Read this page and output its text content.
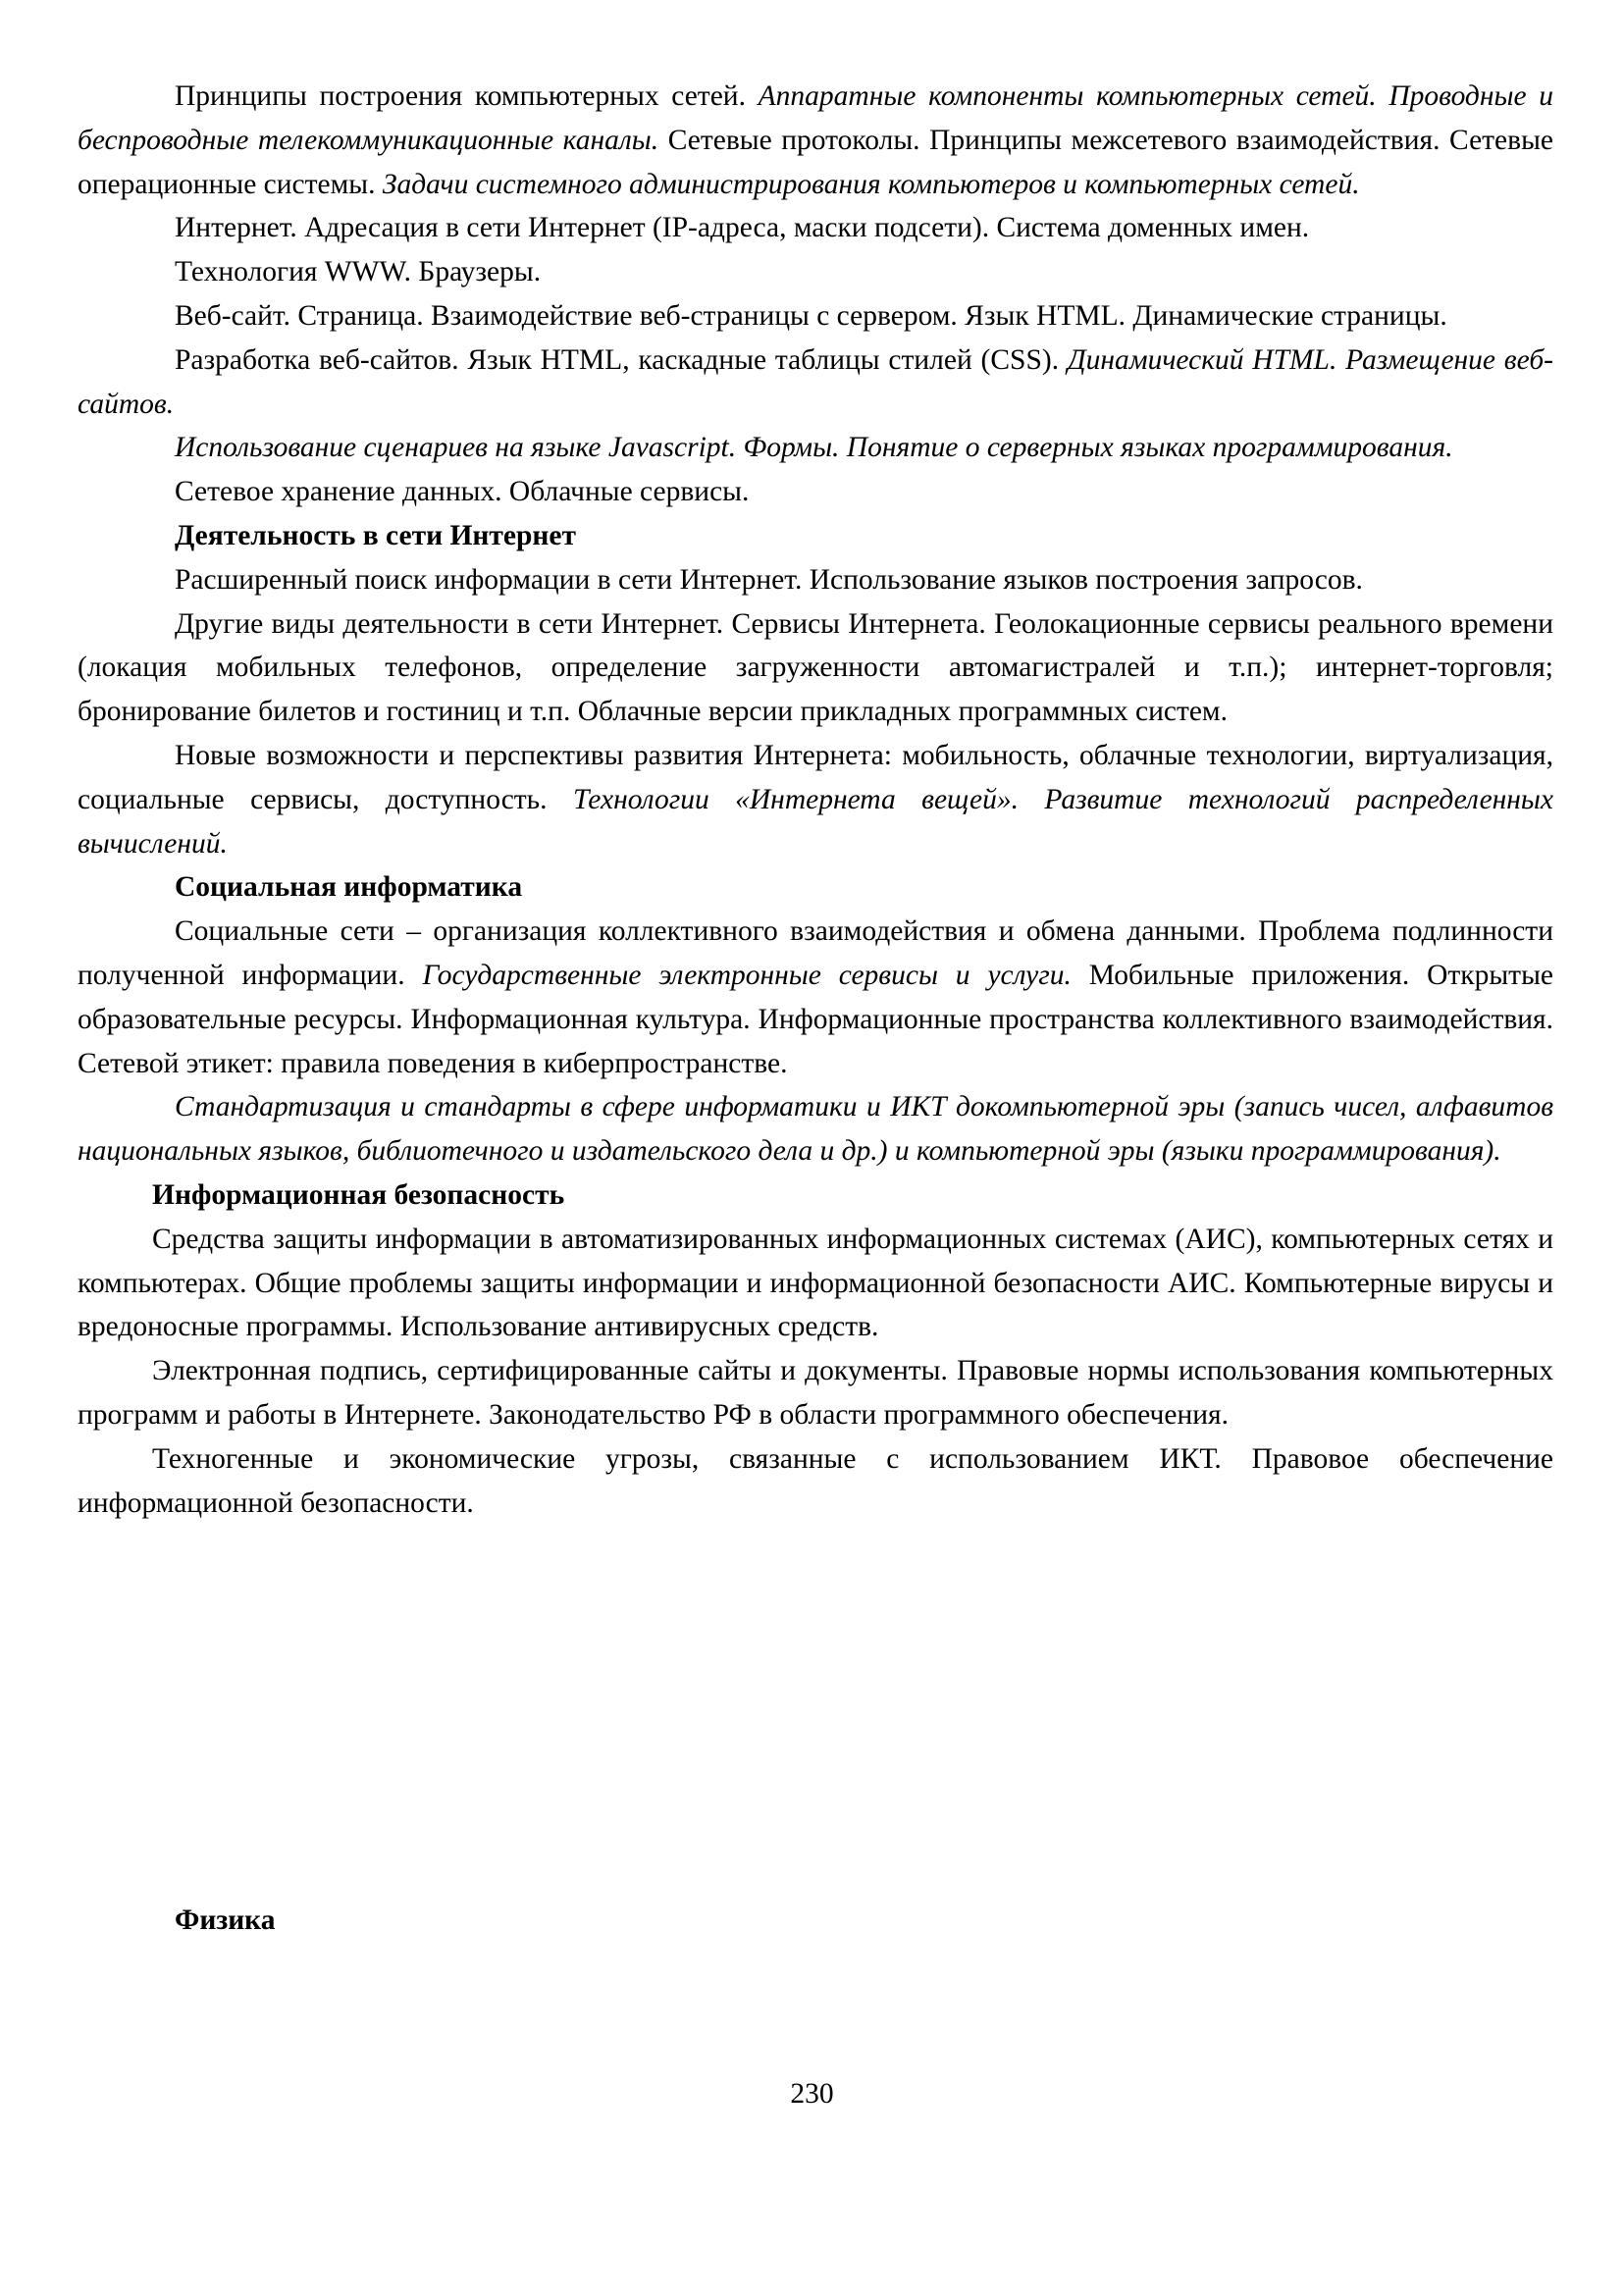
Принципы построения компьютерных сетей. Аппаратные компоненты компьютерных сетей. Проводные и беспроводные телекоммуникационные каналы. Сетевые протоколы. Принципы межсетевого взаимодействия. Сетевые операционные системы. Задачи системного администрирования компьютеров и компьютерных сетей.

Интернет. Адресация в сети Интернет (IP-адреса, маски подсети). Система доменных имен.

Технология WWW. Браузеры.

Веб-сайт. Страница. Взаимодействие веб-страницы с сервером. Язык HTML. Динамические страницы.

Разработка веб-сайтов. Язык HTML, каскадные таблицы стилей (CSS). Динамический HTML. Размещение веб-сайтов.

Использование сценариев на языке Javascript. Формы. Понятие о серверных языках программирования.

Сетевое хранение данных. Облачные сервисы.

Деятельность в сети Интернет

Расширенный поиск информации в сети Интернет. Использование языков построения запросов.

Другие виды деятельности в сети Интернет. Сервисы Интернета. Геолокационные сервисы реального времени (локация мобильных телефонов, определение загруженности автомагистралей и т.п.); интернет-торговля; бронирование билетов и гостиниц и т.п. Облачные версии прикладных программных систем.

Новые возможности и перспективы развития Интернета: мобильность, облачные технологии, виртуализация, социальные сервисы, доступность. Технологии «Интернета вещей». Развитие технологий распределенных вычислений.

Социальная информатика

Социальные сети – организация коллективного взаимодействия и обмена данными. Проблема подлинности полученной информации. Государственные электронные сервисы и услуги. Мобильные приложения. Открытые образовательные ресурсы. Информационная культура. Информационные пространства коллективного взаимодействия. Сетевой этикет: правила поведения в киберпространстве.

Стандартизация и стандарты в сфере информатики и ИКТ докомпьютерной эры (запись чисел, алфавитов национальных языков, библиотечного и издательского дела и др.) и компьютерной эры (языки программирования).

Информационная безопасность

Средства защиты информации в автоматизированных информационных системах (АИС), компьютерных сетях и компьютерах. Общие проблемы защиты информации и информационной безопасности АИС. Компьютерные вирусы и вредоносные программы. Использование антивирусных средств.

Электронная подпись, сертифицированные сайты и документы. Правовые нормы использования компьютерных программ и работы в Интернете. Законодательство РФ в области программного обеспечения.

Техногенные и экономические угрозы, связанные с использованием ИКТ. Правовое обеспечение информационной безопасности.

Физика
230
